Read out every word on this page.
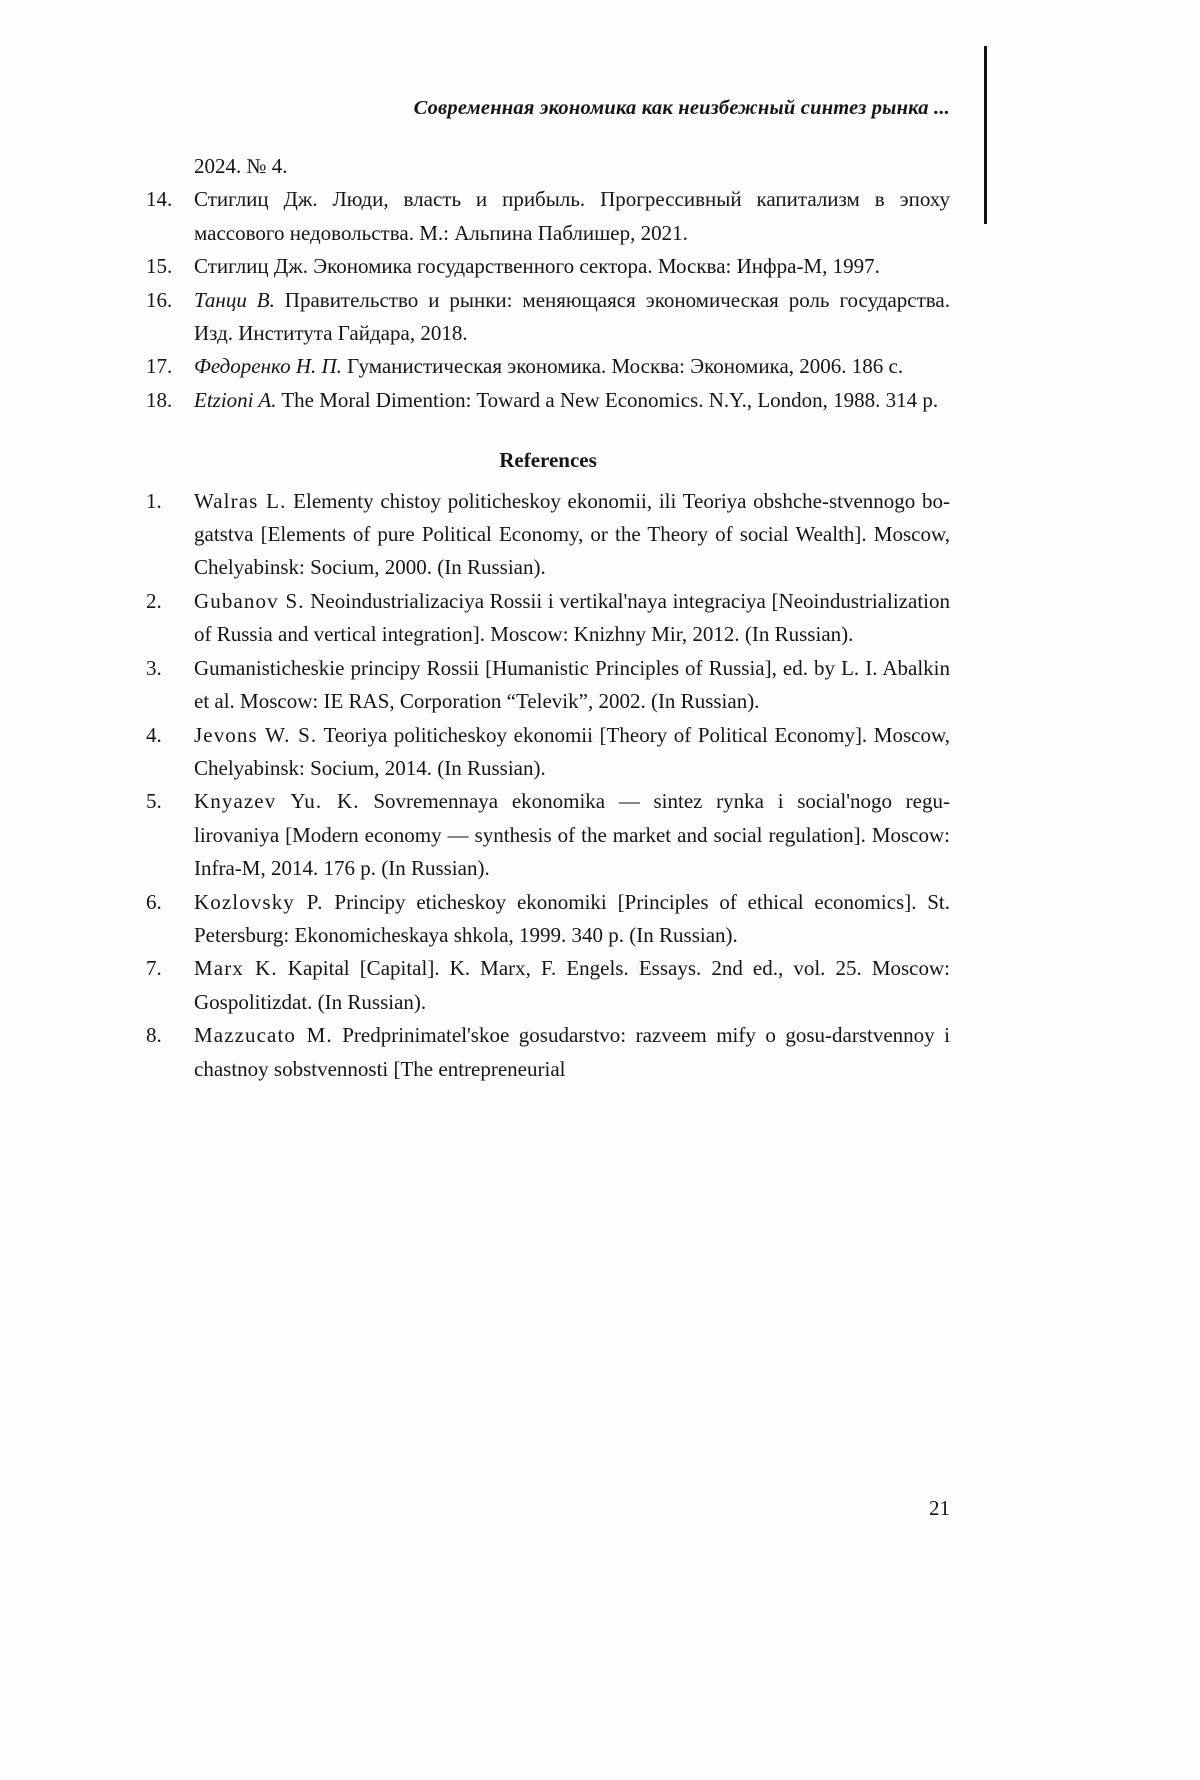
Современная экономика как неизбежный синтез рынка ...
2024. № 4.
14.	Стиглиц Дж. Люди, власть и прибыль. Прогрессивный капитализм в эпоху массового недовольства. М.: Альпина Паблишер, 2021.
15.	Стиглиц Дж. Экономика государственного сектора. Москва: Инфра-М, 1997.
16.	Танци В. Правительство и рынки: меняющаяся экономическая роль государства. Изд. Института Гайдара, 2018.
17.	Федоренко Н. П. Гуманистическая экономика. Москва: Экономика, 2006. 186 с.
18.	Etzioni A. The Moral Dimention: Toward a New Economics. N.Y., London, 1988. 314 p.
References
1.	Walras L. Elementy chistoy politicheskoy ekonomii, ili Teoriya obshche-stvennogo bo-gatstva [Elements of pure Political Economy, or the Theory of social Wealth]. Moscow, Chelyabinsk: Socium, 2000. (In Russian).
2.	Gubanov S. Neoindustrializaciya Rossii i vertikal'naya integraciya [Neoindustrialization of Russia and vertical integration]. Moscow: Knizhny Mir, 2012. (In Russian).
3.	Gumanisticheskie principy Rossii [Humanistic Principles of Russia], ed. by L. I. Abalkin et al. Moscow: IE RAS, Corporation “Televik”, 2002. (In Russian).
4.	Jevons W. S. Teoriya politicheskoy ekonomii [Theory of Political Economy]. Moscow, Chelyabinsk: Socium, 2014. (In Russian).
5.	Knyazev Yu. K. Sovremennaya ekonomika — sintez rynka i social'nogo regu-lirovaniya [Modern economy — synthesis of the market and social regulation]. Moscow: Infra-M, 2014. 176 p. (In Russian).
6.	Kozlovsky P. Principy eticheskoy ekonomiki [Principles of ethical economics]. St. Petersburg: Ekonomicheskaya shkola, 1999. 340 p. (In Russian).
7.	Marx K. Kapital [Capital]. K. Marx, F. Engels. Essays. 2nd ed., vol. 25. Moscow: Gospolitizdat. (In Russian).
8.	Mazzucato M. Predprinimatel'skoe gosudarstvo: razveem mify o gosu-darstvennoy i chastnoy sobstvennosti [The entrepreneurial
21
